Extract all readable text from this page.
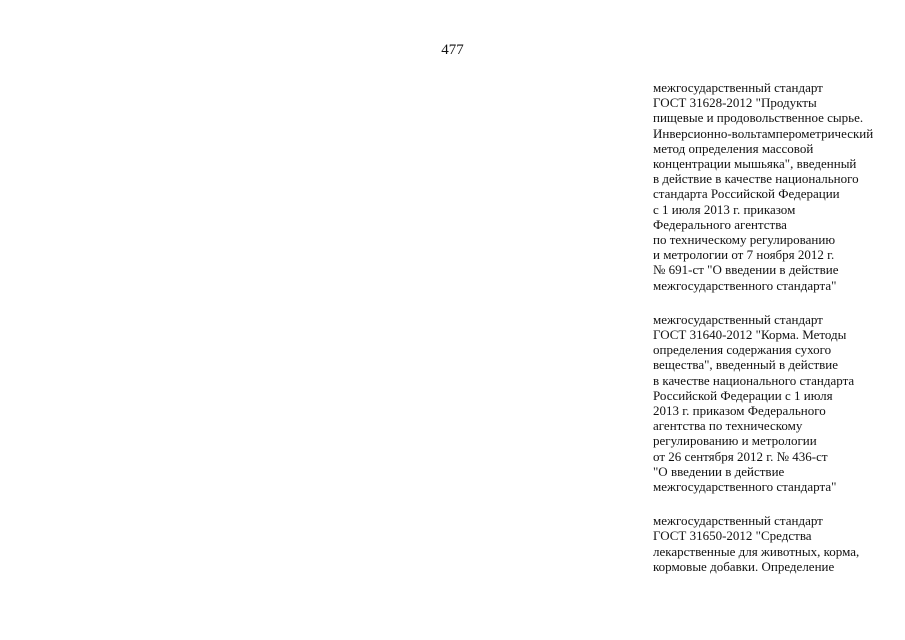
477
межгосударственный стандарт
ГОСТ 31628-2012 "Продукты
пищевые и продовольственное сырье.
Инверсионно-вольтамперометрический
метод определения массовой
концентрации мышьяка", введенный
в действие в качестве национального
стандарта Российской Федерации
с 1 июля 2013 г. приказом
Федерального агентства
по техническому регулированию
и метрологии от 7 ноября 2012 г.
№ 691-ст "О введении в действие
межгосударственного стандарта"
межгосударственный стандарт
ГОСТ 31640-2012 "Корма. Методы
определения содержания сухого
вещества", введенный в действие
в качестве национального стандарта
Российской Федерации с 1 июля
2013 г. приказом Федерального
агентства по техническому
регулированию и метрологии
от 26 сентября 2012 г. № 436-ст
"О введении в действие
межгосударственного стандарта"
межгосударственный стандарт
ГОСТ 31650-2012 "Средства
лекарственные для животных, корма,
кормовые добавки. Определение
